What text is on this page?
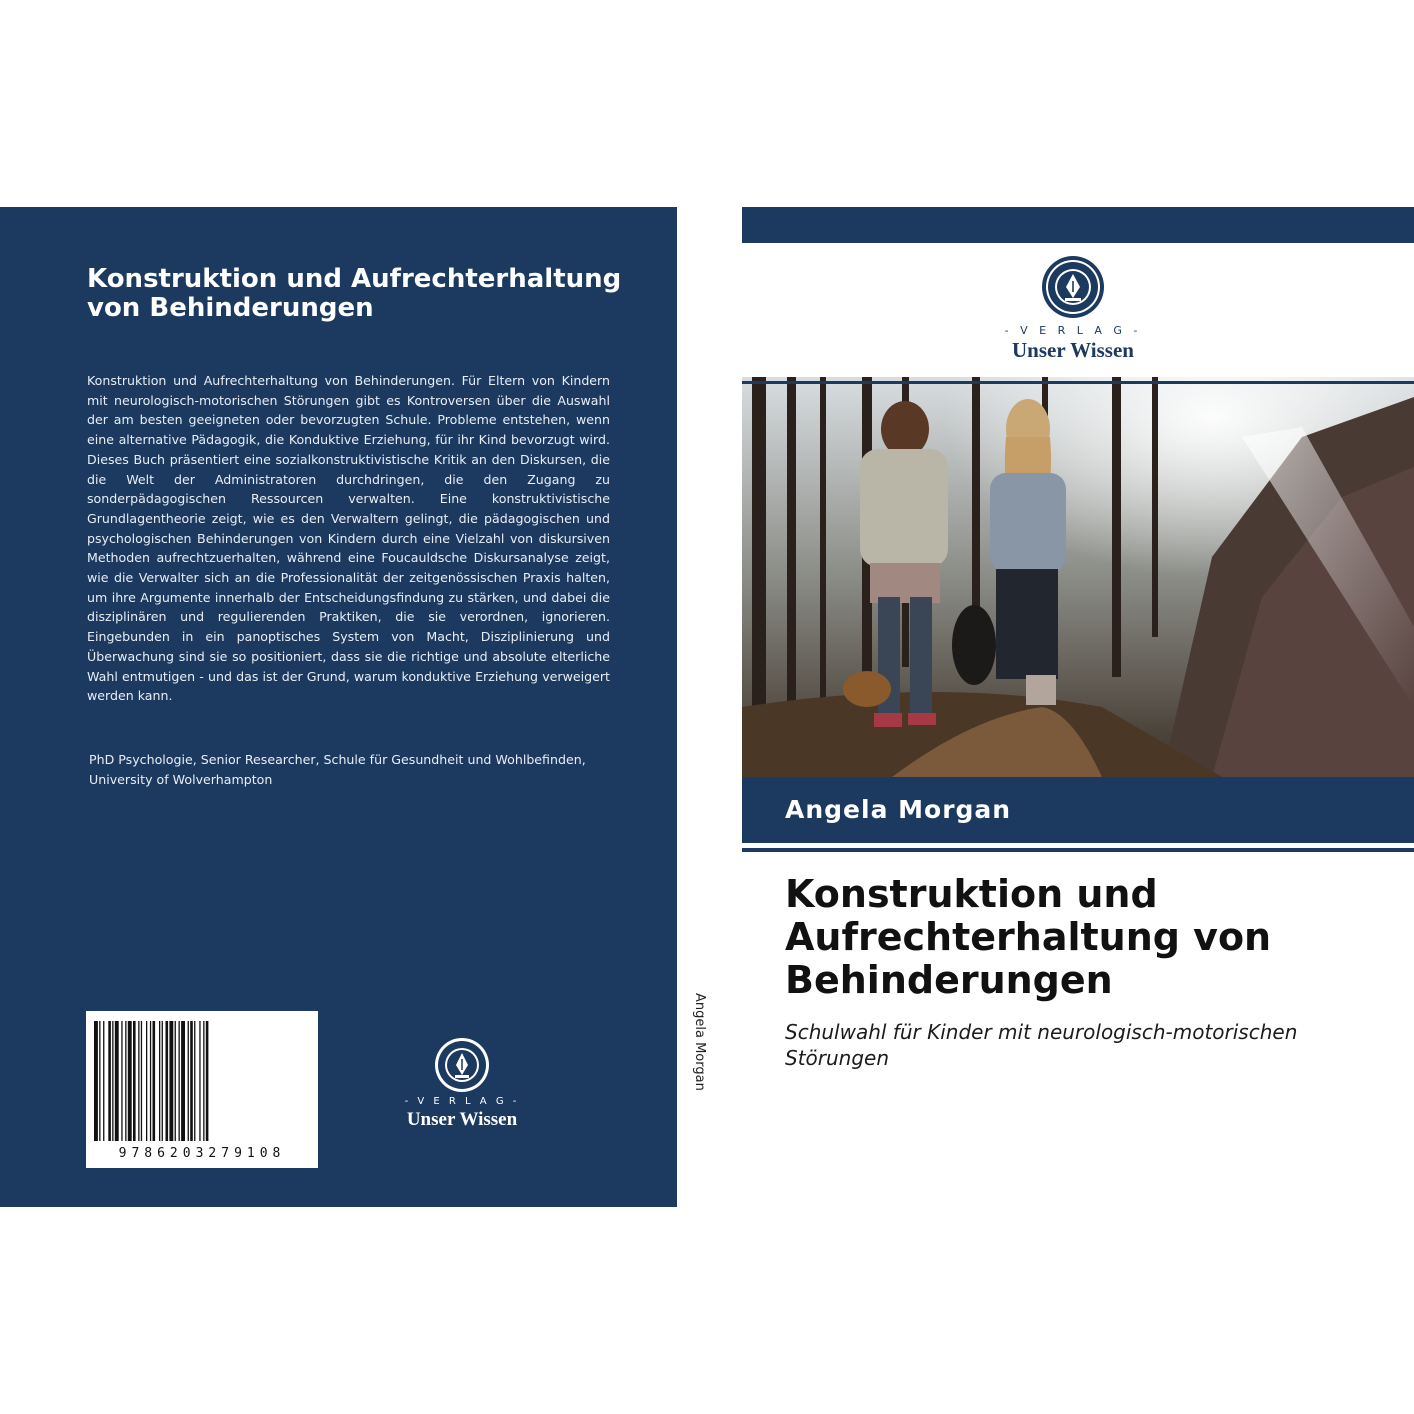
Konstruktion und Aufrechterhaltung von Behinderungen

Konstruktion und Aufrechterhaltung von Behinderungen. Für Eltern von Kindern mit neurologisch-motorischen Störungen gibt es Kontroversen über die Auswahl der am besten geeigneten oder bevorzugten Schule. Probleme entstehen, wenn eine alternative Pädagogik, die Konduktive Erziehung, für ihr Kind bevorzugt wird. Dieses Buch präsentiert eine sozialkonstruktivistische Kritik an den Diskursen, die die Welt der Administratoren durchdringen, die den Zugang zu sonderpädagogischen Ressourcen verwalten. Eine konstruktivistische Grundlagentheorie zeigt, wie es den Verwaltern gelingt, die pädagogischen und psychologischen Behinderungen von Kindern durch eine Vielzahl von diskursiven Methoden aufrechtzuerhalten, während eine Foucauldsche Diskursanalyse zeigt, wie die Verwalter sich an die Professionalität der zeitgenössischen Praxis halten, um ihre Argumente innerhalb der Entscheidungsfindung zu stärken, und dabei die disziplinären und regulierenden Praktiken, die sie verordnen, ignorieren. Eingebunden in ein panoptisches System von Macht, Disziplinierung und Überwachung sind sie so positioniert, dass sie die richtige und absolute elterliche Wahl entmutigen - und das ist der Grund, warum konduktive Erziehung verweigert werden kann.

PhD Psychologie, Senior Researcher, Schule für Gesundheit und Wohlbefinden, University of Wolverhampton

9786203279108
- V E R L A G -
Unser Wissen
Angela Morgan
- V E R L A G -
Unser Wissen
Angela Morgan
Konstruktion und Aufrechterhaltung von Behinderungen

Schulwahl für Kinder mit neurologisch-motorischen Störungen
